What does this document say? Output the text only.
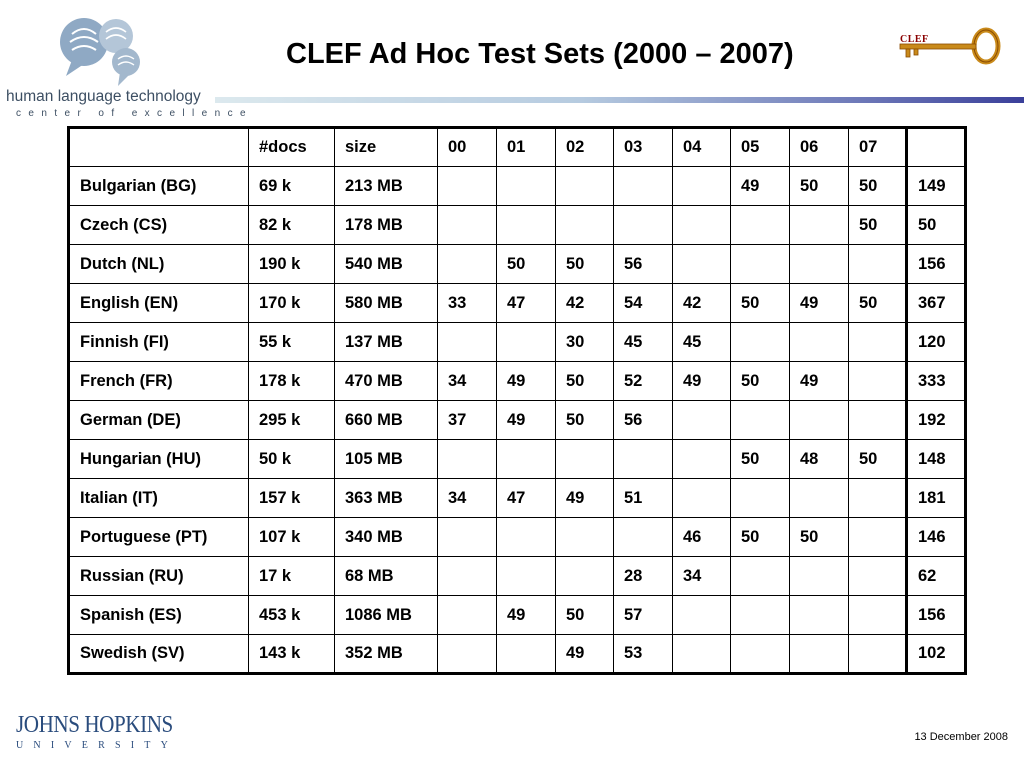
human language technology
center of excellence
CLEF Ad Hoc Test Sets (2000 – 2007)	CLEF
	#docs	size	00	01	02	03	04	05	06	07	
Bulgarian (BG)	69 k	213 MB						49	50	50	149
Czech (CS)	82 k	178 MB								50	50
Dutch (NL)	190 k	540 MB		50	50	56					156
English (EN)	170 k	580 MB	33	47	42	54	42	50	49	50	367
Finnish (FI)	55 k	137 MB			30	45	45				120
French (FR)	178 k	470 MB	34	49	50	52	49	50	49		333
German (DE)	295 k	660 MB	37	49	50	56					192
Hungarian (HU)	50 k	105 MB						50	48	50	148
Italian (IT)	157 k	363 MB	34	47	49	51					181
Portuguese (PT)	107 k	340 MB					46	50	50		146
Russian (RU)	17 k	68 MB				28	34				62
Spanish (ES)	453 k	1086 MB		49	50	57					156
Swedish (SV)	143 k	352 MB			49	53					102
JOHNS HOPKINS
UNIVERSITY
13 December 2008
